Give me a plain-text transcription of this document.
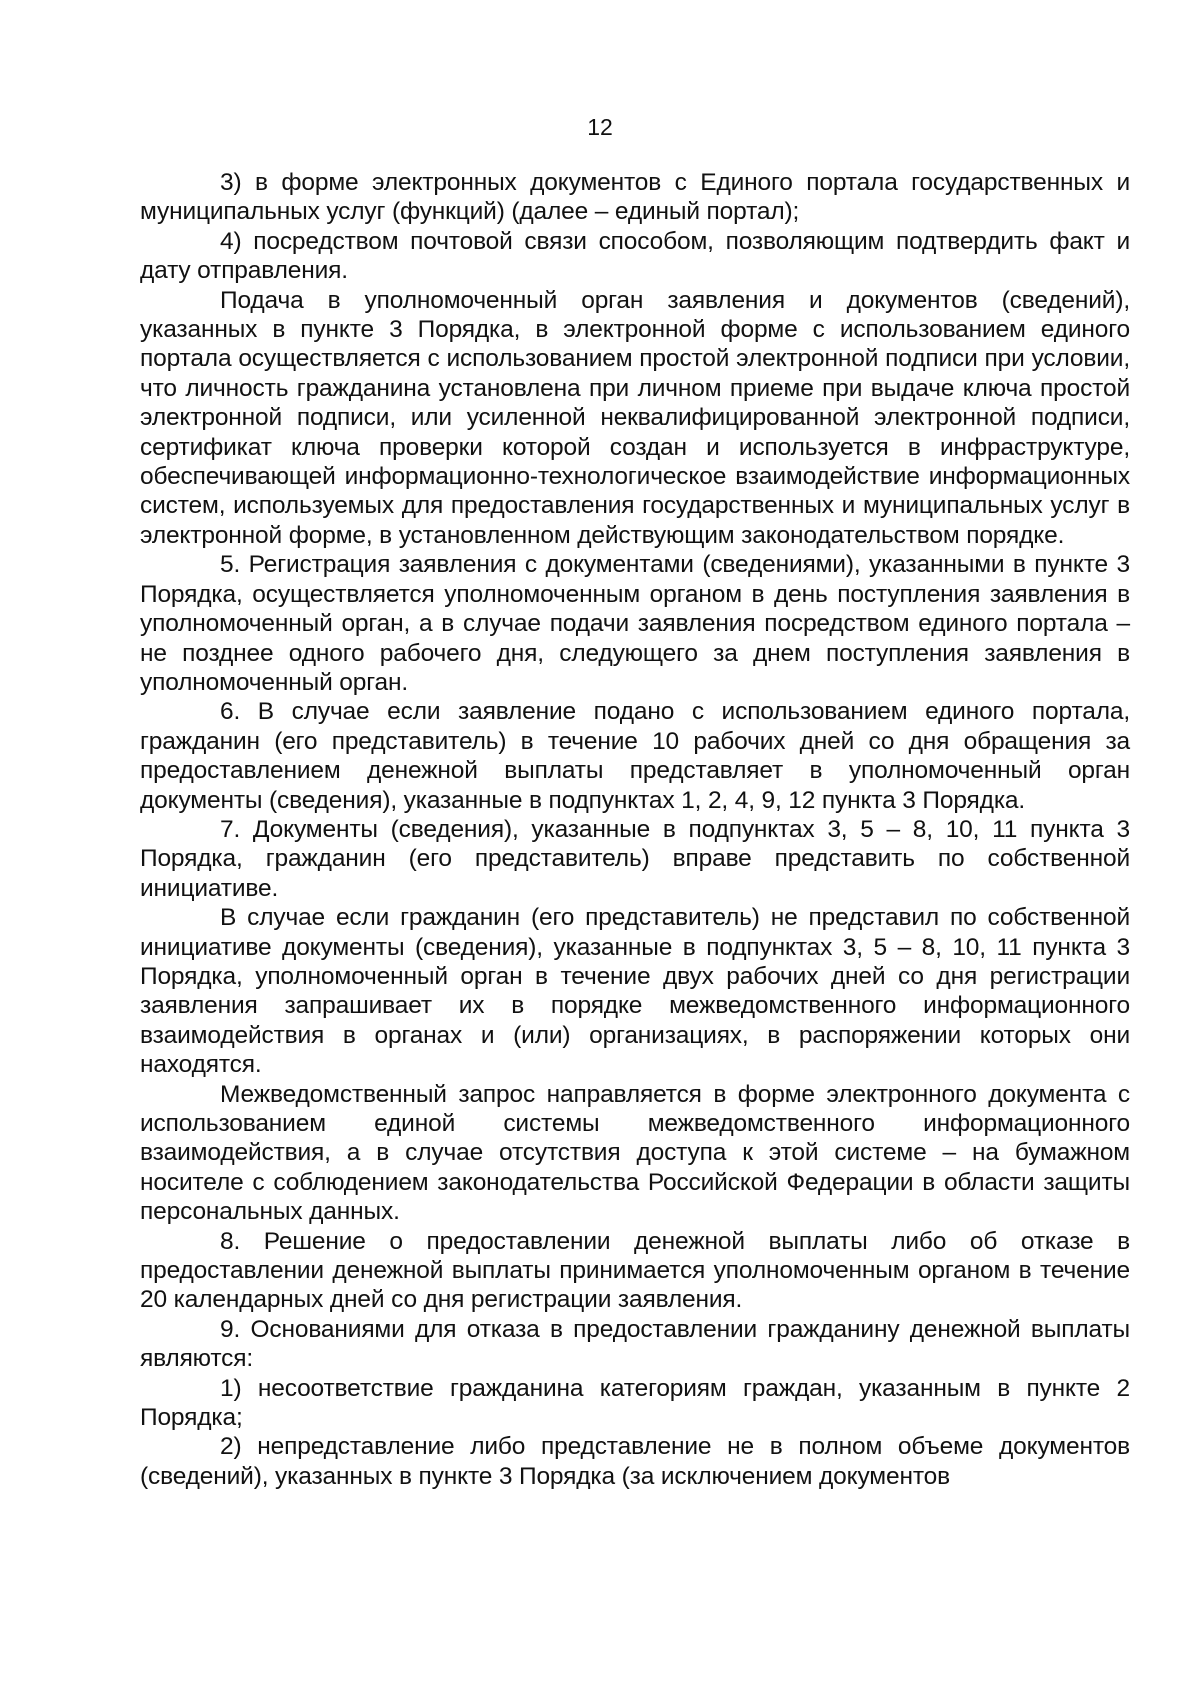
12

3) в форме электронных документов с Единого портала государственных и муниципальных услуг (функций) (далее – единый портал);

4) посредством почтовой связи способом, позволяющим подтвердить факт и дату отправления.

Подача в уполномоченный орган заявления и документов (сведений), указанных в пункте 3 Порядка, в электронной форме с использованием единого портала осуществляется с использованием простой электронной подписи при условии, что личность гражданина установлена при личном приеме при выдаче ключа простой электронной подписи, или усиленной неквалифицированной электронной подписи, сертификат ключа проверки которой создан и используется в инфраструктуре, обеспечивающей информационно-технологическое взаимодействие информационных систем, используемых для предоставления государственных и муниципальных услуг в электронной форме, в установленном действующим законодательством порядке.

5. Регистрация заявления с документами (сведениями), указанными в пункте 3 Порядка, осуществляется уполномоченным органом в день поступления заявления в уполномоченный орган, а в случае подачи заявления посредством единого портала – не позднее одного рабочего дня, следующего за днем поступления заявления в уполномоченный орган.

6. В случае если заявление подано с использованием единого портала, гражданин (его представитель) в течение 10 рабочих дней со дня обращения за предоставлением денежной выплаты представляет в уполномоченный орган документы (сведения), указанные в подпунктах 1, 2, 4, 9, 12 пункта 3 Порядка.

7. Документы (сведения), указанные в подпунктах 3, 5 – 8, 10, 11 пункта 3 Порядка, гражданин (его представитель) вправе представить по собственной инициативе.

В случае если гражданин (его представитель) не представил по собственной инициативе документы (сведения), указанные в подпунктах 3, 5 – 8, 10, 11 пункта 3 Порядка, уполномоченный орган в течение двух рабочих дней со дня регистрации заявления запрашивает их в порядке межведомственного информационного взаимодействия в органах и (или) организациях, в распоряжении которых они находятся.

Межведомственный запрос направляется в форме электронного документа с использованием единой системы межведомственного информационного взаимодействия, а в случае отсутствия доступа к этой системе – на бумажном носителе с соблюдением законодательства Российской Федерации в области защиты персональных данных.

8. Решение о предоставлении денежной выплаты либо об отказе в предоставлении денежной выплаты принимается уполномоченным органом в течение 20 календарных дней со дня регистрации заявления.

9. Основаниями для отказа в предоставлении гражданину денежной выплаты являются:

1) несоответствие гражданина категориям граждан, указанным в пункте 2 Порядка;

2) непредставление либо представление не в полном объеме документов (сведений), указанных в пункте 3 Порядка (за исключением документов
